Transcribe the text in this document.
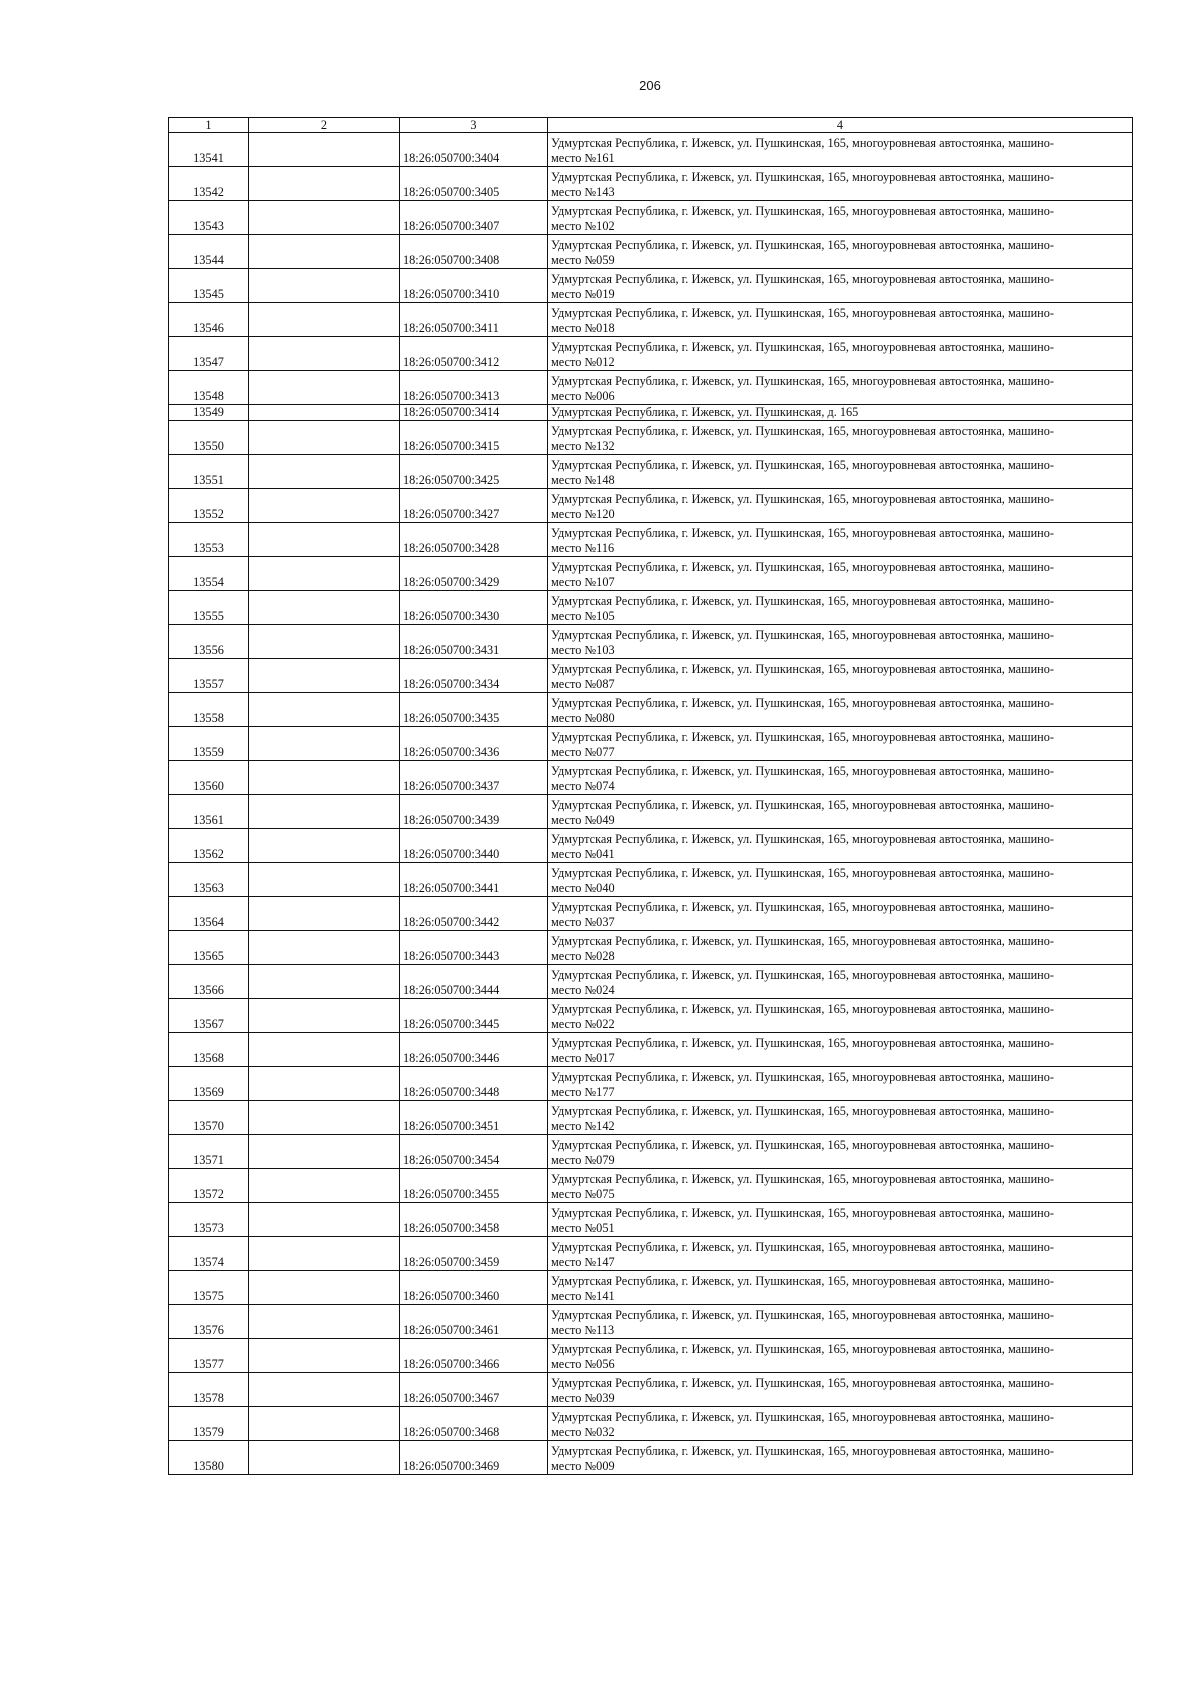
206
1	2	3	4
13541		18:26:050700:3404	Удмуртская Республика, г. Ижевск, ул. Пушкинская, 165, многоуровневая автостоянка, машино-
место №161
13542		18:26:050700:3405	Удмуртская Республика, г. Ижевск, ул. Пушкинская, 165, многоуровневая автостоянка, машино-
место №143
13543		18:26:050700:3407	Удмуртская Республика, г. Ижевск, ул. Пушкинская, 165, многоуровневая автостоянка, машино-
место №102
13544		18:26:050700:3408	Удмуртская Республика, г. Ижевск, ул. Пушкинская, 165, многоуровневая автостоянка, машино-
место №059
13545		18:26:050700:3410	Удмуртская Республика, г. Ижевск, ул. Пушкинская, 165, многоуровневая автостоянка, машино-
место №019
13546		18:26:050700:3411	Удмуртская Республика, г. Ижевск, ул. Пушкинская, 165, многоуровневая автостоянка, машино-
место №018
13547		18:26:050700:3412	Удмуртская Республика, г. Ижевск, ул. Пушкинская, 165, многоуровневая автостоянка, машино-
место №012
13548		18:26:050700:3413	Удмуртская Республика, г. Ижевск, ул. Пушкинская, 165, многоуровневая автостоянка, машино-
место №006
13549		18:26:050700:3414	Удмуртская Республика, г. Ижевск, ул. Пушкинская, д. 165
13550		18:26:050700:3415	Удмуртская Республика, г. Ижевск, ул. Пушкинская, 165, многоуровневая автостоянка, машино-
место №132
13551		18:26:050700:3425	Удмуртская Республика, г. Ижевск, ул. Пушкинская, 165, многоуровневая автостоянка, машино-
место №148
13552		18:26:050700:3427	Удмуртская Республика, г. Ижевск, ул. Пушкинская, 165, многоуровневая автостоянка, машино-
место №120
13553		18:26:050700:3428	Удмуртская Республика, г. Ижевск, ул. Пушкинская, 165, многоуровневая автостоянка, машино-
место №116
13554		18:26:050700:3429	Удмуртская Республика, г. Ижевск, ул. Пушкинская, 165, многоуровневая автостоянка, машино-
место №107
13555		18:26:050700:3430	Удмуртская Республика, г. Ижевск, ул. Пушкинская, 165, многоуровневая автостоянка, машино-
место №105
13556		18:26:050700:3431	Удмуртская Республика, г. Ижевск, ул. Пушкинская, 165, многоуровневая автостоянка, машино-
место №103
13557		18:26:050700:3434	Удмуртская Республика, г. Ижевск, ул. Пушкинская, 165, многоуровневая автостоянка, машино-
место №087
13558		18:26:050700:3435	Удмуртская Республика, г. Ижевск, ул. Пушкинская, 165, многоуровневая автостоянка, машино-
место №080
13559		18:26:050700:3436	Удмуртская Республика, г. Ижевск, ул. Пушкинская, 165, многоуровневая автостоянка, машино-
место №077
13560		18:26:050700:3437	Удмуртская Республика, г. Ижевск, ул. Пушкинская, 165, многоуровневая автостоянка, машино-
место №074
13561		18:26:050700:3439	Удмуртская Республика, г. Ижевск, ул. Пушкинская, 165, многоуровневая автостоянка, машино-
место №049
13562		18:26:050700:3440	Удмуртская Республика, г. Ижевск, ул. Пушкинская, 165, многоуровневая автостоянка, машино-
место №041
13563		18:26:050700:3441	Удмуртская Республика, г. Ижевск, ул. Пушкинская, 165, многоуровневая автостоянка, машино-
место №040
13564		18:26:050700:3442	Удмуртская Республика, г. Ижевск, ул. Пушкинская, 165, многоуровневая автостоянка, машино-
место №037
13565		18:26:050700:3443	Удмуртская Республика, г. Ижевск, ул. Пушкинская, 165, многоуровневая автостоянка, машино-
место №028
13566		18:26:050700:3444	Удмуртская Республика, г. Ижевск, ул. Пушкинская, 165, многоуровневая автостоянка, машино-
место №024
13567		18:26:050700:3445	Удмуртская Республика, г. Ижевск, ул. Пушкинская, 165, многоуровневая автостоянка, машино-
место №022
13568		18:26:050700:3446	Удмуртская Республика, г. Ижевск, ул. Пушкинская, 165, многоуровневая автостоянка, машино-
место №017
13569		18:26:050700:3448	Удмуртская Республика, г. Ижевск, ул. Пушкинская, 165, многоуровневая автостоянка, машино-
место №177
13570		18:26:050700:3451	Удмуртская Республика, г. Ижевск, ул. Пушкинская, 165, многоуровневая автостоянка, машино-
место №142
13571		18:26:050700:3454	Удмуртская Республика, г. Ижевск, ул. Пушкинская, 165, многоуровневая автостоянка, машино-
место №079
13572		18:26:050700:3455	Удмуртская Республика, г. Ижевск, ул. Пушкинская, 165, многоуровневая автостоянка, машино-
место №075
13573		18:26:050700:3458	Удмуртская Республика, г. Ижевск, ул. Пушкинская, 165, многоуровневая автостоянка, машино-
место №051
13574		18:26:050700:3459	Удмуртская Республика, г. Ижевск, ул. Пушкинская, 165, многоуровневая автостоянка, машино-
место №147
13575		18:26:050700:3460	Удмуртская Республика, г. Ижевск, ул. Пушкинская, 165, многоуровневая автостоянка, машино-
место №141
13576		18:26:050700:3461	Удмуртская Республика, г. Ижевск, ул. Пушкинская, 165, многоуровневая автостоянка, машино-
место №113
13577		18:26:050700:3466	Удмуртская Республика, г. Ижевск, ул. Пушкинская, 165, многоуровневая автостоянка, машино-
место №056
13578		18:26:050700:3467	Удмуртская Республика, г. Ижевск, ул. Пушкинская, 165, многоуровневая автостоянка, машино-
место №039
13579		18:26:050700:3468	Удмуртская Республика, г. Ижевск, ул. Пушкинская, 165, многоуровневая автостоянка, машино-
место №032
13580		18:26:050700:3469	Удмуртская Республика, г. Ижевск, ул. Пушкинская, 165, многоуровневая автостоянка, машино-
место №009
